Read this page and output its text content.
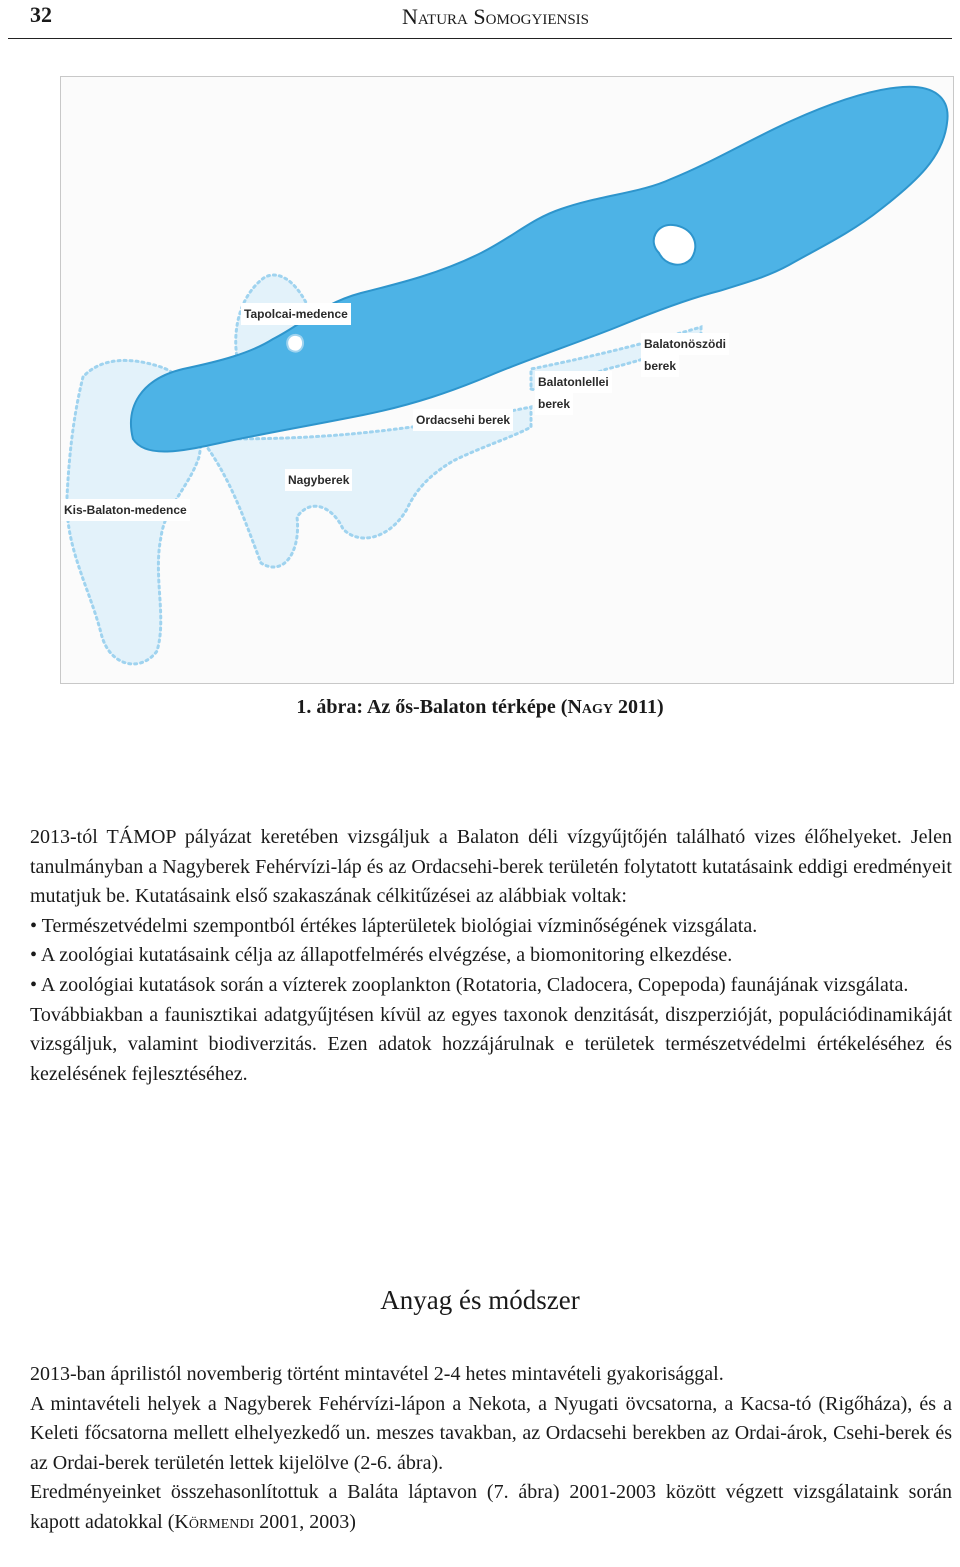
32	Natura Somogyiensis
Tapolcai-medence
Balatonöszödi
berek
Balatonlellei
berek
Ordacsehi berek
Nagyberek
Kis-Balaton-medence
1. ábra: Az ős-Balaton térképe (Nagy 2011)

2013-tól TÁMOP pályázat keretében vizsgáljuk a Balaton déli vízgyűjtőjén található vizes élőhelyeket. Jelen tanulmányban a Nagyberek Fehérvízi-láp és az Ordacsehi-berek területén folytatott kutatásaink eddigi eredményeit mutatjuk be. Kutatásaink első szakaszának célkitűzései az alábbiak voltak:

• Természetvédelmi szempontból értékes lápterületek biológiai vízminőségének vizsgálata.

• A zoológiai kutatásaink célja az állapotfelmérés elvégzése, a biomonitoring elkezdése.

• A zoológiai kutatások során a vízterek zooplankton (Rotatoria, Cladocera, Copepoda) faunájának vizsgálata.

Továbbiakban a faunisztikai adatgyűjtésen kívül az egyes taxonok denzitását, diszperzióját, populációdinamikáját vizsgáljuk, valamint biodiverzitás. Ezen adatok hozzájárulnak e területek természetvédelmi értékeléséhez és kezelésének fejlesztéséhez.

Anyag és módszer

2013-ban áprilistól novemberig történt mintavétel 2-4 hetes mintavételi gyakorisággal.

A mintavételi helyek a Nagyberek Fehérvízi-lápon a Nekota, a Nyugati övcsatorna, a Kacsa-tó (Rigőháza), és a Keleti főcsatorna mellett elhelyezkedő un. meszes tavakban, az Ordacsehi berekben az Ordai-árok, Csehi-berek és az Ordai-berek területén lettek kijelölve (2-6. ábra).

Eredményeinket összehasonlítottuk a Baláta láptavon (7. ábra) 2001-2003 között végzett vizsgálataink során kapott adatokkal (Körmendi 2001, 2003)
